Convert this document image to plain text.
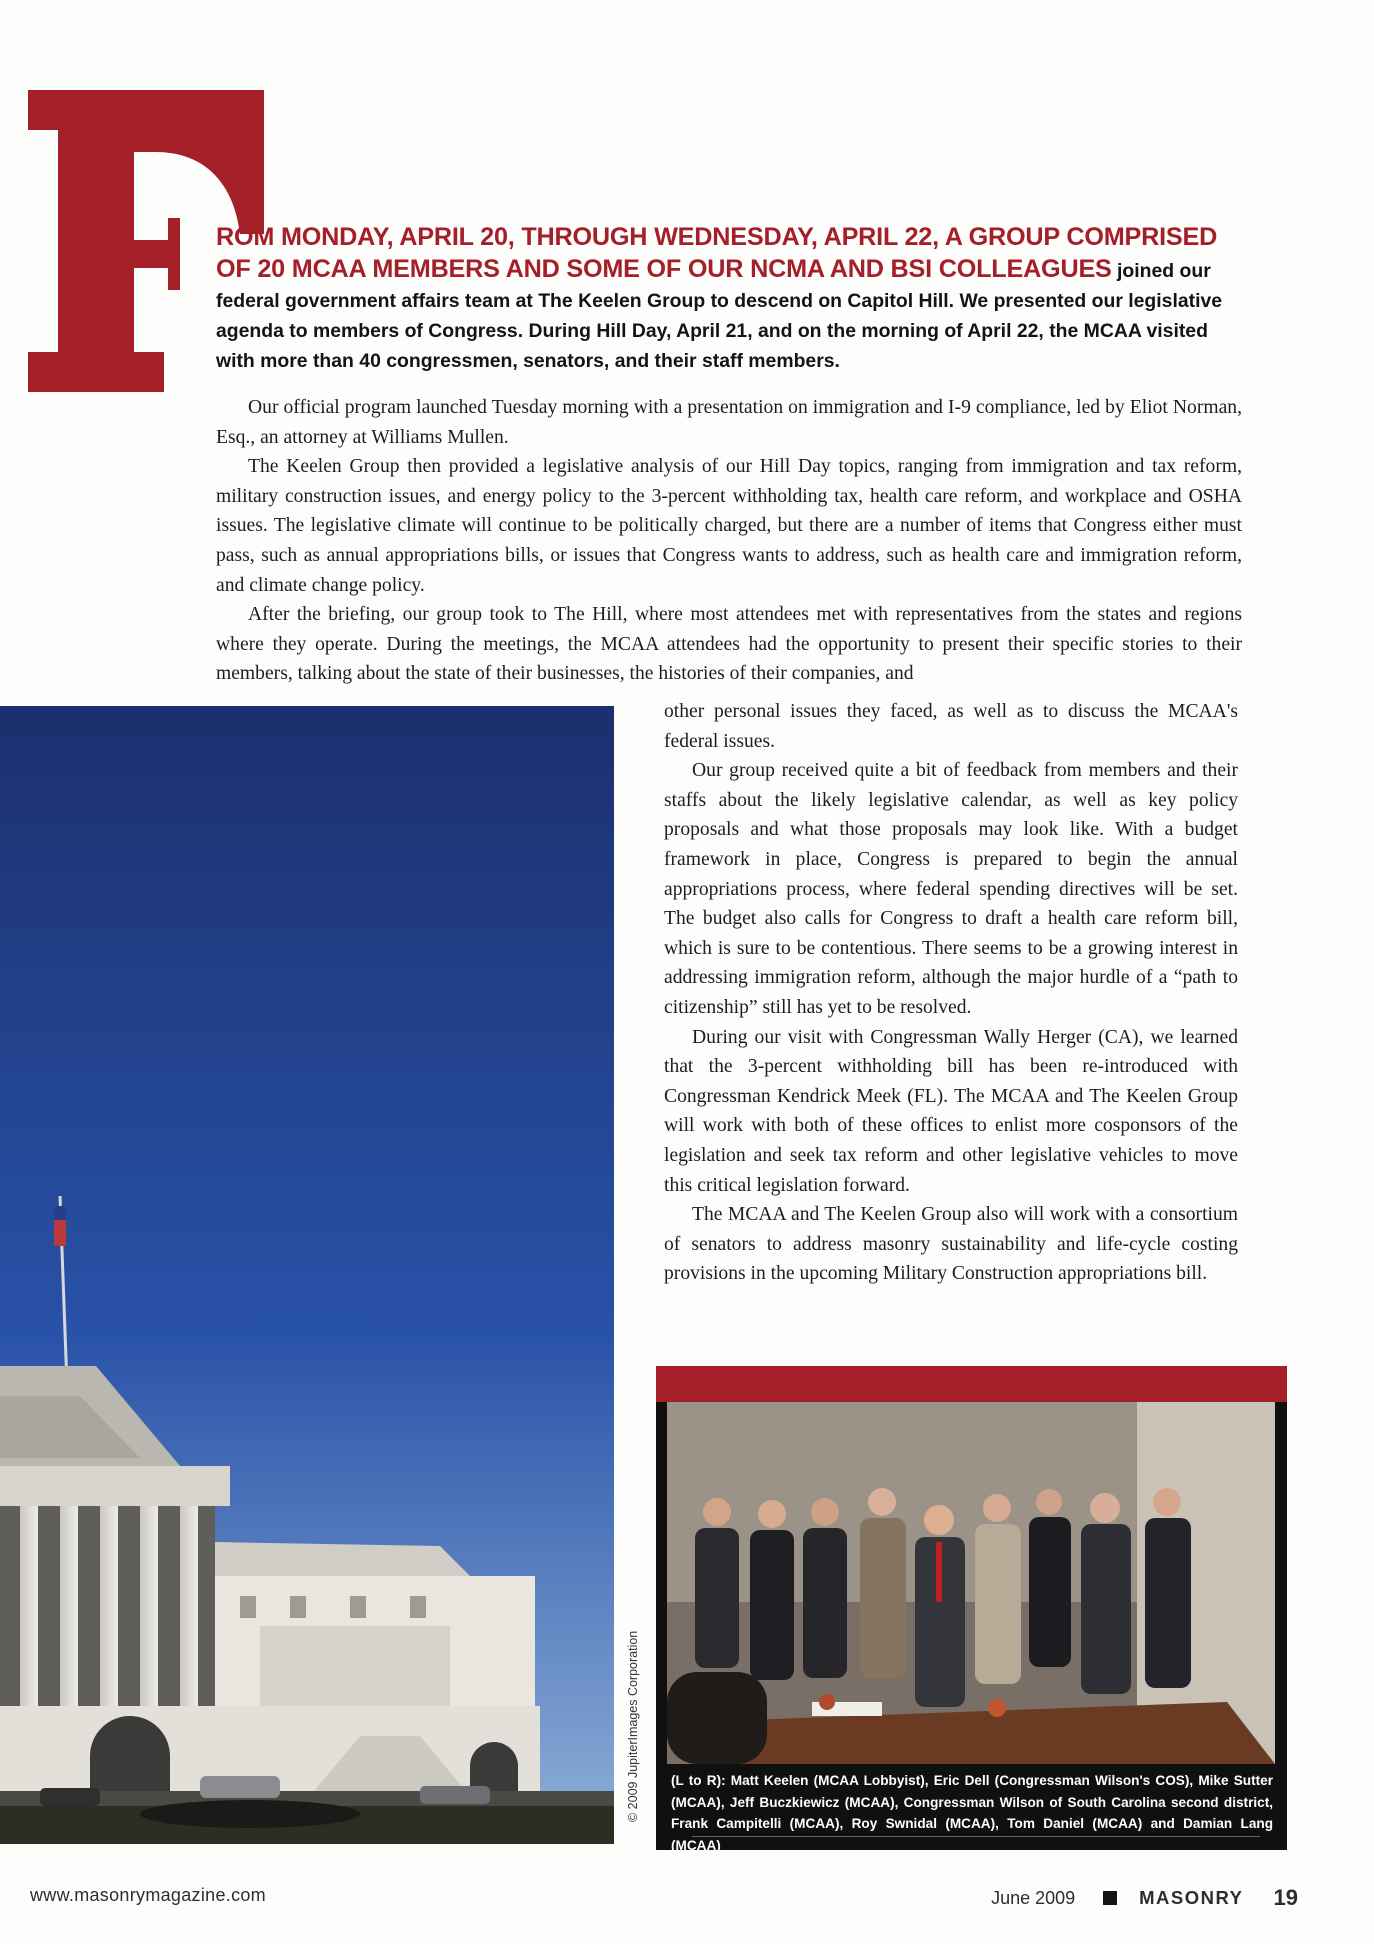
ROM MONDAY, APRIL 20, THROUGH WEDNESDAY, APRIL 22, A GROUP COMPRISED OF 20 MCAA MEMBERS AND SOME OF OUR NCMA AND BSI COLLEAGUES joined our federal government affairs team at The Keelen Group to descend on Capitol Hill. We presented our legislative agenda to members of Congress. During Hill Day, April 21, and on the morning of April 22, the MCAA visited with more than 40 congressmen, senators, and their staff members.

Our official program launched Tuesday morning with a presentation on immigration and I-9 compliance, led by Eliot Norman, Esq., an attorney at Williams Mullen.

The Keelen Group then provided a legislative analysis of our Hill Day topics, ranging from immigration and tax reform, military construction issues, and energy policy to the 3-percent withholding tax, health care reform, and workplace and OSHA issues. The legislative climate will continue to be politically charged, but there are a number of items that Congress either must pass, such as annual appropriations bills, or issues that Congress wants to address, such as health care and immigration reform, and climate change policy.

After the briefing, our group took to The Hill, where most attendees met with representatives from the states and regions where they operate. During the meetings, the MCAA attendees had the opportunity to present their specific stories to their members, talking about the state of their businesses, the histories of their companies, and

other personal issues they faced, as well as to discuss the MCAA's federal issues.

Our group received quite a bit of feedback from members and their staffs about the likely legislative calendar, as well as key policy proposals and what those proposals may look like. With a budget framework in place, Congress is prepared to begin the annual appropriations process, where federal spending directives will be set. The budget also calls for Congress to draft a health care reform bill, which is sure to be contentious. There seems to be a growing interest in addressing immigration reform, although the major hurdle of a “path to citizenship” still has yet to be resolved.

During our visit with Congressman Wally Herger (CA), we learned that the 3-percent withholding bill has been re-introduced with Congressman Kendrick Meek (FL). The MCAA and The Keelen Group will work with both of these offices to enlist more cosponsors of the legislation and seek tax reform and other legislative vehicles to move this critical legislation forward.

The MCAA and The Keelen Group also will work with a consortium of senators to address masonry sustainability and life-cycle costing provisions in the upcoming Military Construction appropriations bill.

© 2009 JupiterImages Corporation (L to R): Matt Keelen (MCAA Lobbyist), Eric Dell (Congressman Wilson's COS), Mike Sutter (MCAA), Jeff Buczkiewicz (MCAA), Congressman Wilson of South Carolina second district, Frank Campitelli (MCAA), Roy Swnidal (MCAA), Tom Daniel (MCAA) and Damian Lang (MCAA)

www.masonrymagazine.com	June 2009	MASONRY 19
